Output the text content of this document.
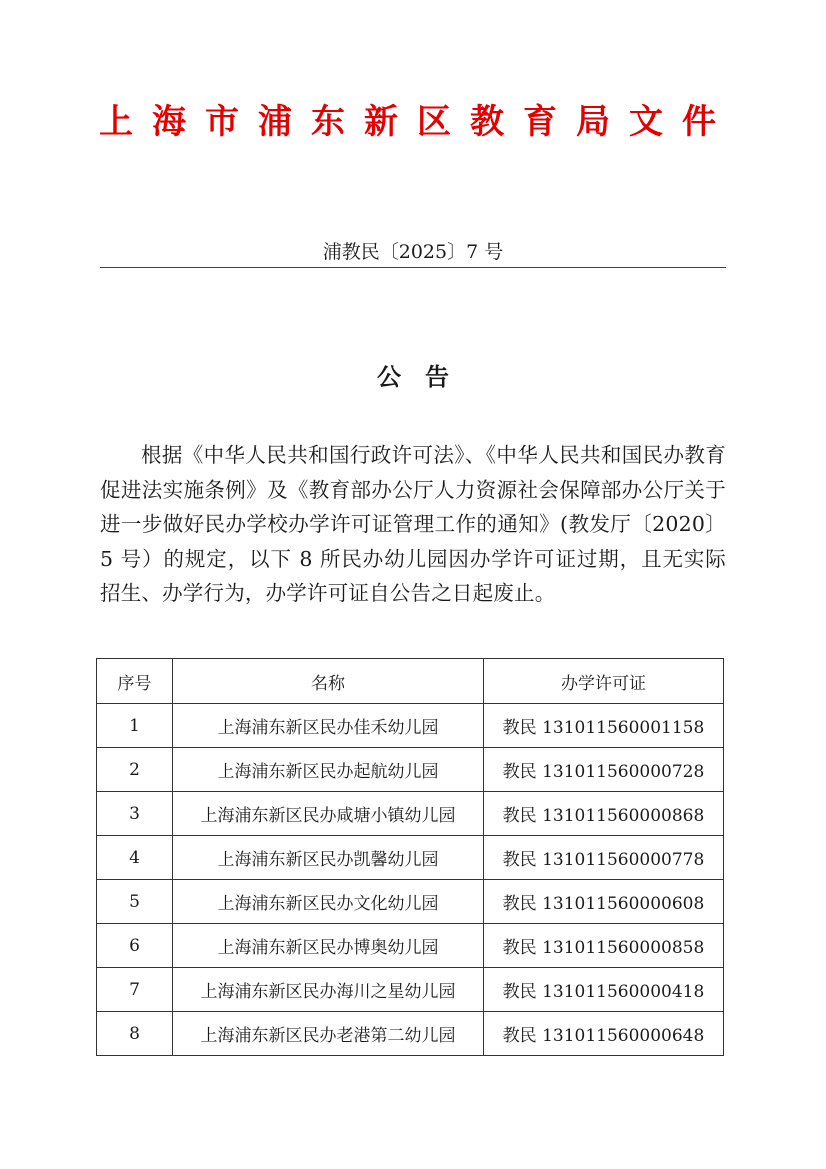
上海市浦东新区教育局文件
浦教民〔2025〕7 号
公告
根据《中华人民共和国行政许可法》、《中华人民共和国民办教育促进法实施条例》及《教育部办公厅人力资源社会保障部办公厅关于进一步做好民办学校办学许可证管理工作的通知》(教发厅〔2020〕5 号）的规定，以下 8 所民办幼儿园因办学许可证过期，且无实际招生、办学行为，办学许可证自公告之日起废止。
序号	名称	办学许可证
1	上海浦东新区民办佳禾幼儿园	教民 131011560001158
2	上海浦东新区民办起航幼儿园	教民 131011560000728
3	上海浦东新区民办咸塘小镇幼儿园	教民 131011560000868
4	上海浦东新区民办凯馨幼儿园	教民 131011560000778
5	上海浦东新区民办文化幼儿园	教民 131011560000608
6	上海浦东新区民办博奥幼儿园	教民 131011560000858
7	上海浦东新区民办海川之星幼儿园	教民 131011560000418
8	上海浦东新区民办老港第二幼儿园	教民 131011560000648
